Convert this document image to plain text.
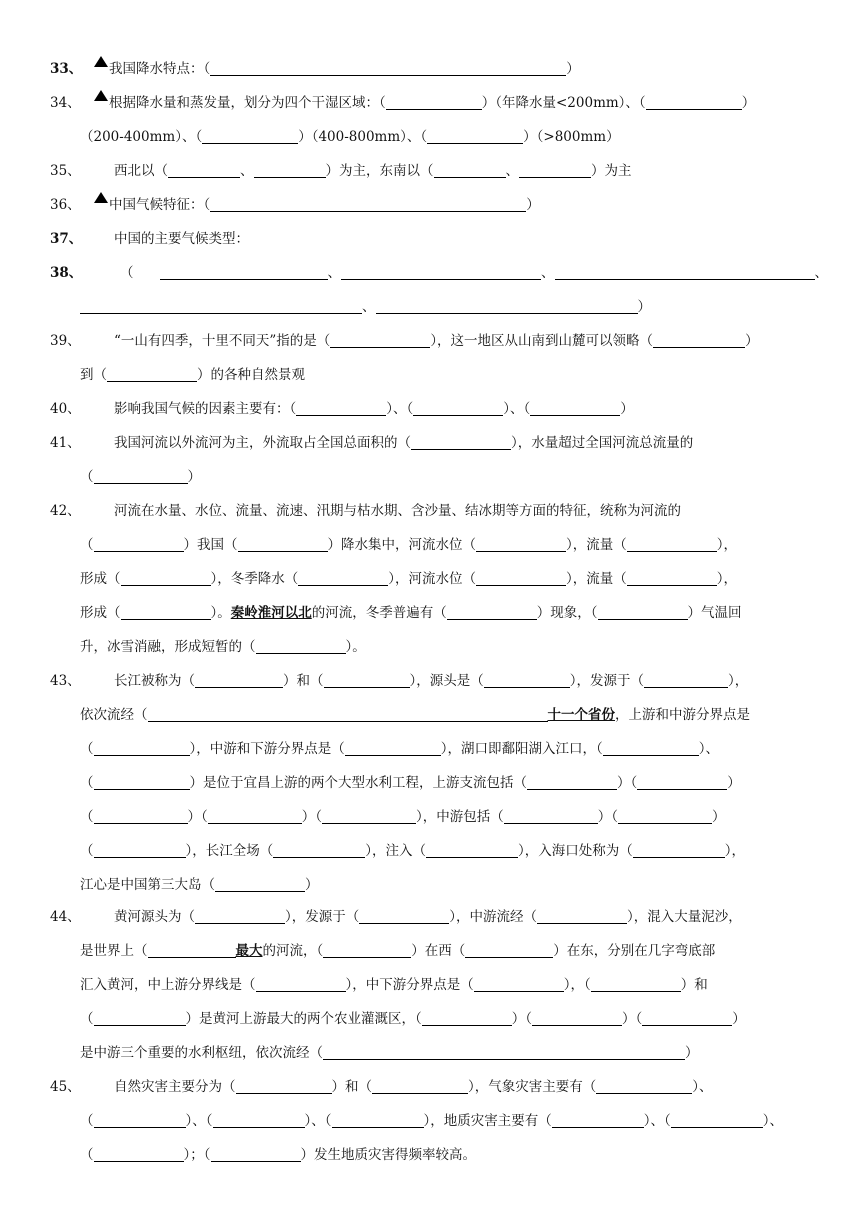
33、	我国降水特点：（	）
34、	根据降水量和蒸发量，划分为四个干湿区域：（	）（年降水量<200mm）、（	）
（200-400mm）、（	）（400-800mm）、（	）（>800mm）
35、	西北以（	、	）为主，东南以（	、	）为主
36、	中国气候特征：（	）
37、	中国的主要气候类型：
38、	（	、	、	、
、	）
39、	“一山有四季，十里不同天”指的是（	），这一地区从山南到山麓可以领略（	）
到（	）的各种自然景观
40、	影响我国气候的因素主要有：（	）、（	）、（	）
41、	我国河流以外流河为主，外流取占全国总面积的（	），水量超过全国河流总流量的
（	）
42、	河流在水量、水位、流量、流速、汛期与枯水期、含沙量、结冰期等方面的特征，统称为河流的
（	）我国（	）降水集中，河流水位（	），流量（	），
形成（	），冬季降水（	），河流水位（	），流量（	），
形成（	）。秦岭淮河以北的河流，冬季普遍有（	）现象，（	）气温回
升，冰雪消融，形成短暂的（	）。
43、	长江被称为（	）和（	），源头是（	），发源于（	），
依次流经（	十一个省份，上游和中游分界点是
（	），中游和下游分界点是（	），湖口即鄱阳湖入江口，（	）、
（	）是位于宜昌上游的两个大型水利工程，上游支流包括（	）（	）
（	）（	）（	），中游包括（	）（	）
（	），长江全场（	），注入（	），入海口处称为（	），
江心是中国第三大岛（	）
44、	黄河源头为（	），发源于（	），中游流经（	），混入大量泥沙，
是世界上（	最大的河流，（	）在西（	）在东，分别在几字弯底部
汇入黄河，中上游分界线是（	），中下游分界点是（	），（	）和
（	）是黄河上游最大的两个农业灌溉区，（	）（	）（	）
是中游三个重要的水利枢纽，依次流经（	）
45、	自然灾害主要分为（	）和（	），气象灾害主要有（	）、
（	）、（	）、（	），地质灾害主要有（	）、（	）、
（	）；（	）发生地质灾害得频率较高。
